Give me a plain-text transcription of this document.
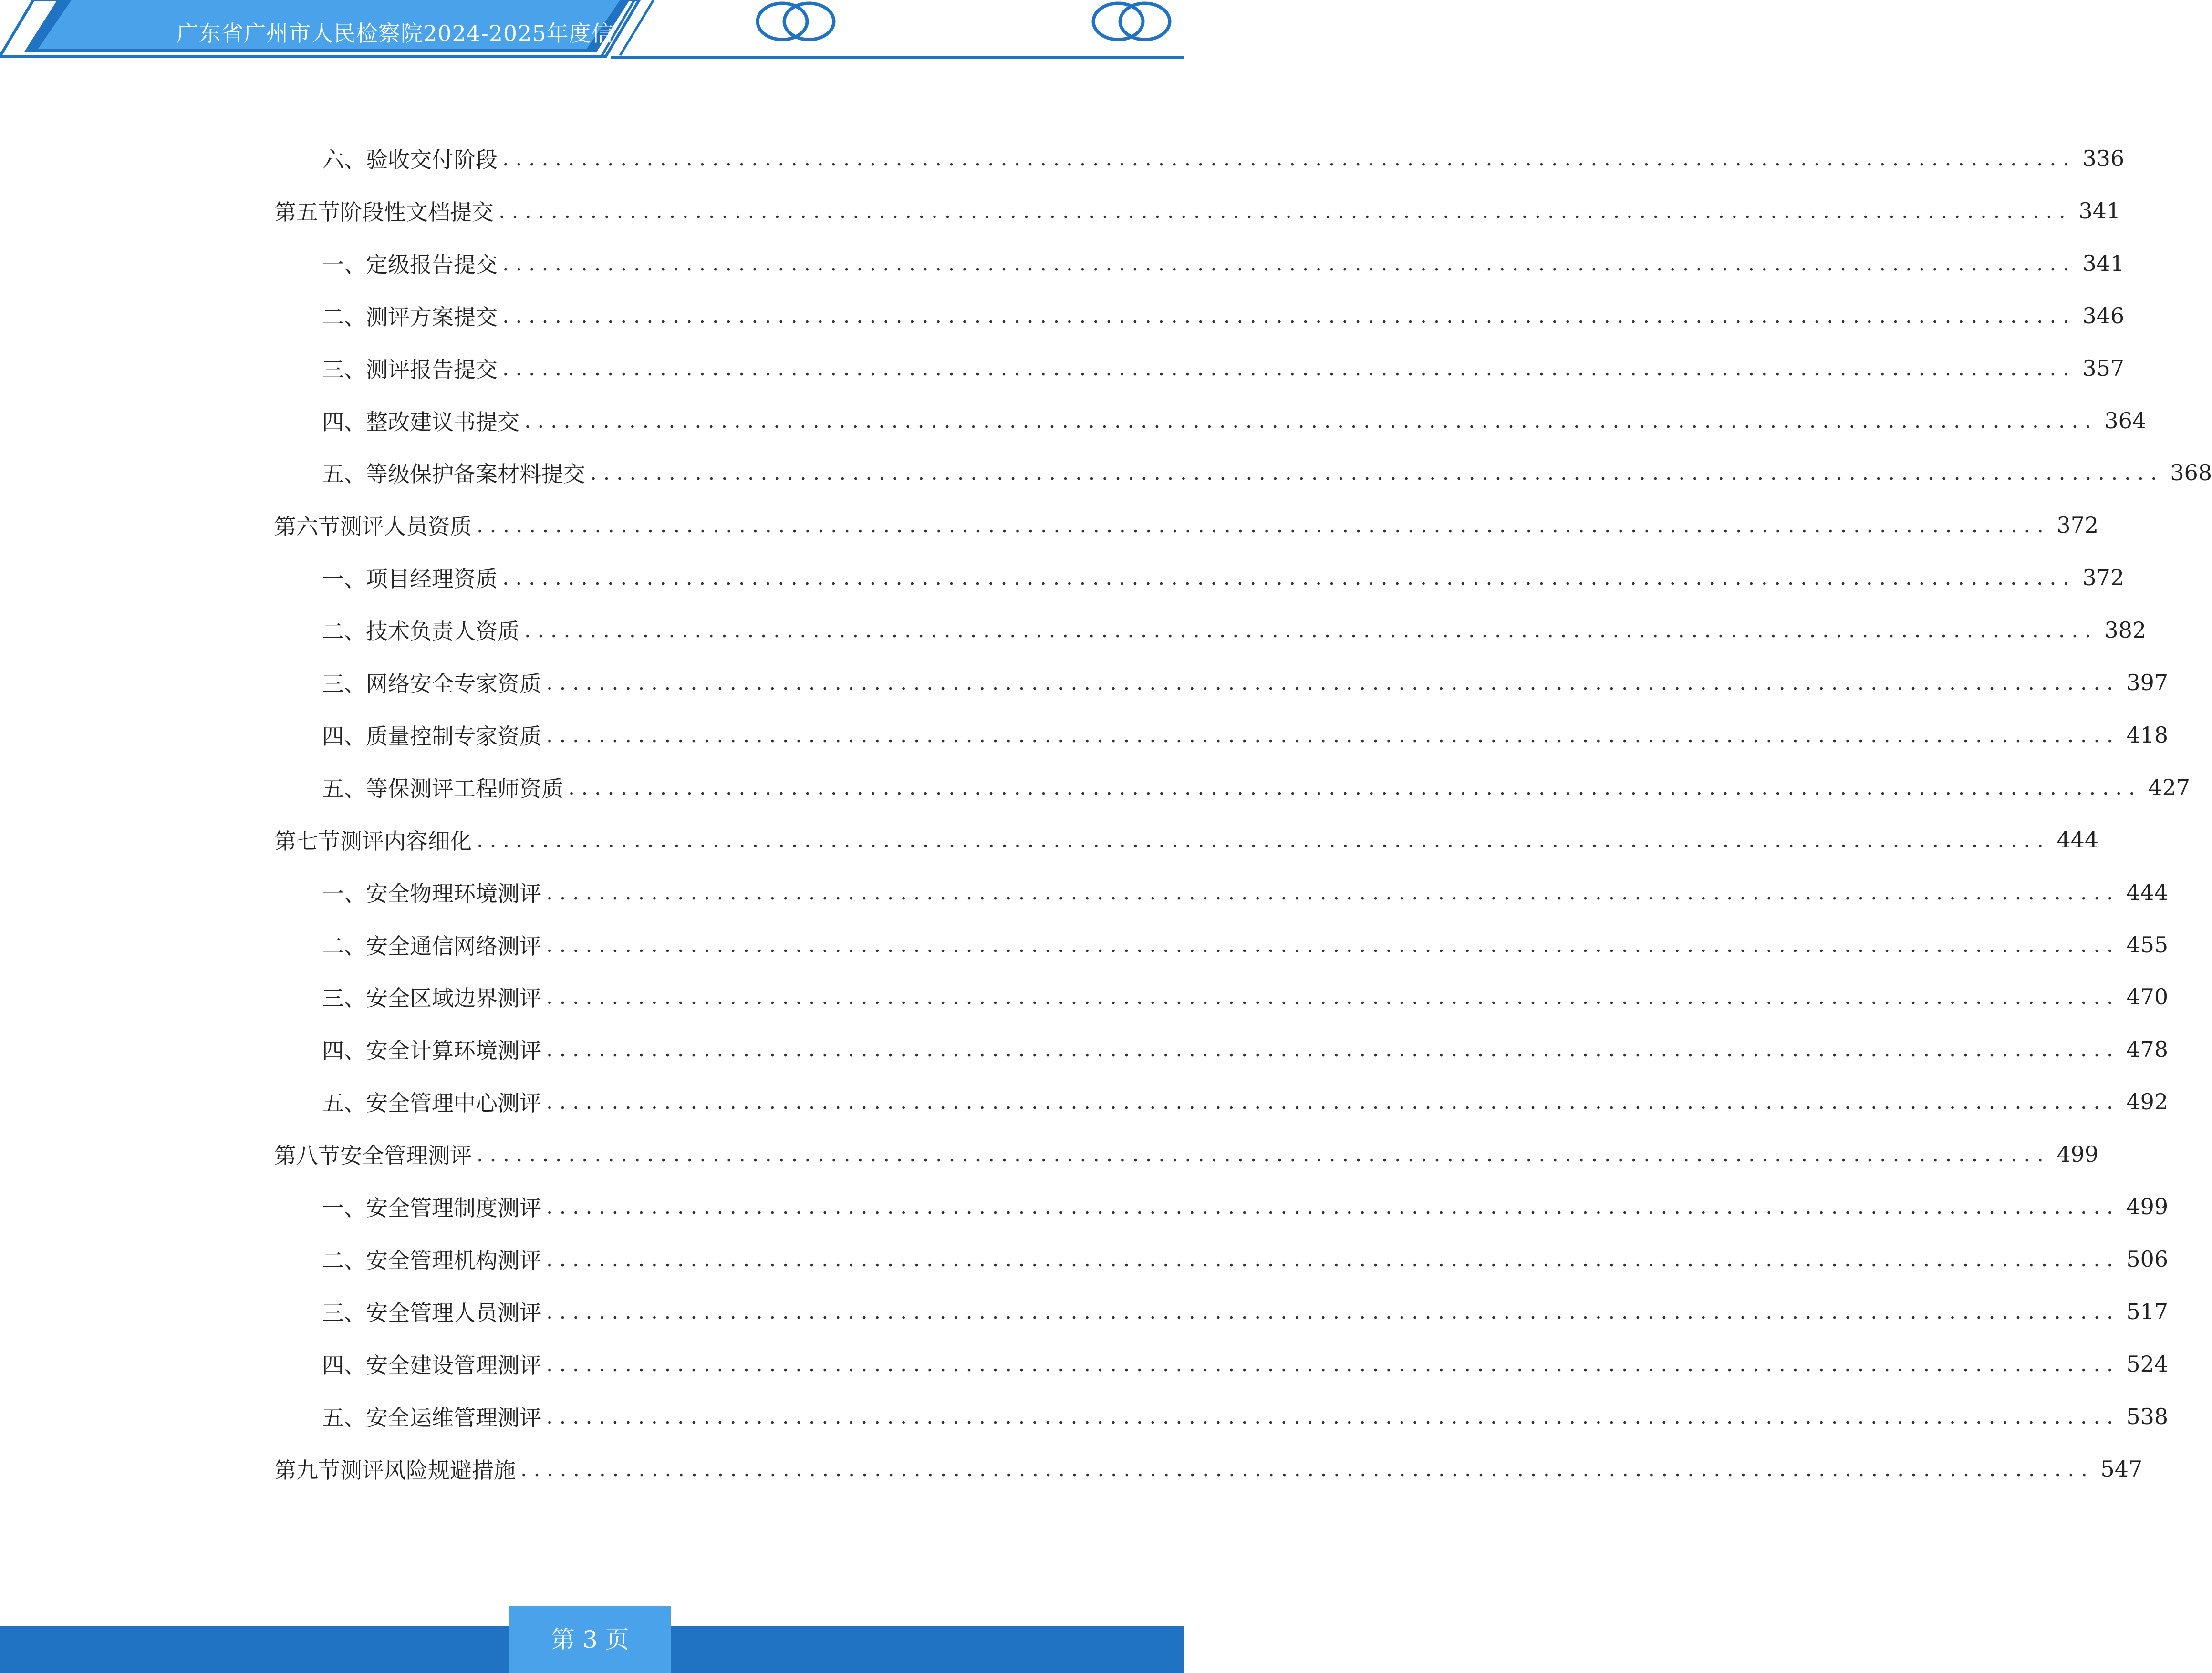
广东省广州市人民检察院2024-2025年度信
六、 验收交付阶段 ........................................................................................................................ 336
第五节 阶段性文档提交 ........................................................................................................................ 341
一、 定级报告提交 ........................................................................................................................ 341
二、 测评方案提交 ........................................................................................................................ 346
三、 测评报告提交 ........................................................................................................................ 357
四、 整改建议书提交 ........................................................................................................................ 364
五、 等级保护备案材料提交 ........................................................................................................................ 368
第六节 测评人员资质 ........................................................................................................................ 372
一、 项目经理资质 ........................................................................................................................ 372
二、 技术负责人资质 ........................................................................................................................ 382
三、 网络安全专家资质 ........................................................................................................................ 397
四、 质量控制专家资质 ........................................................................................................................ 418
五、 等保测评工程师资质 ........................................................................................................................ 427
第七节 测评内容细化 ........................................................................................................................ 444
一、 安全物理环境测评 ........................................................................................................................ 444
二、 安全通信网络测评 ........................................................................................................................ 455
三、 安全区域边界测评 ........................................................................................................................ 470
四、 安全计算环境测评 ........................................................................................................................ 478
五、 安全管理中心测评 ........................................................................................................................ 492
第八节 安全管理测评 ........................................................................................................................ 499
一、 安全管理制度测评 ........................................................................................................................ 499
二、 安全管理机构测评 ........................................................................................................................ 506
三、 安全管理人员测评 ........................................................................................................................ 517
四、 安全建设管理测评 ........................................................................................................................ 524
五、 安全运维管理测评 ........................................................................................................................ 538
第九节 测评风险规避措施 ........................................................................................................................ 547
第 3 页
